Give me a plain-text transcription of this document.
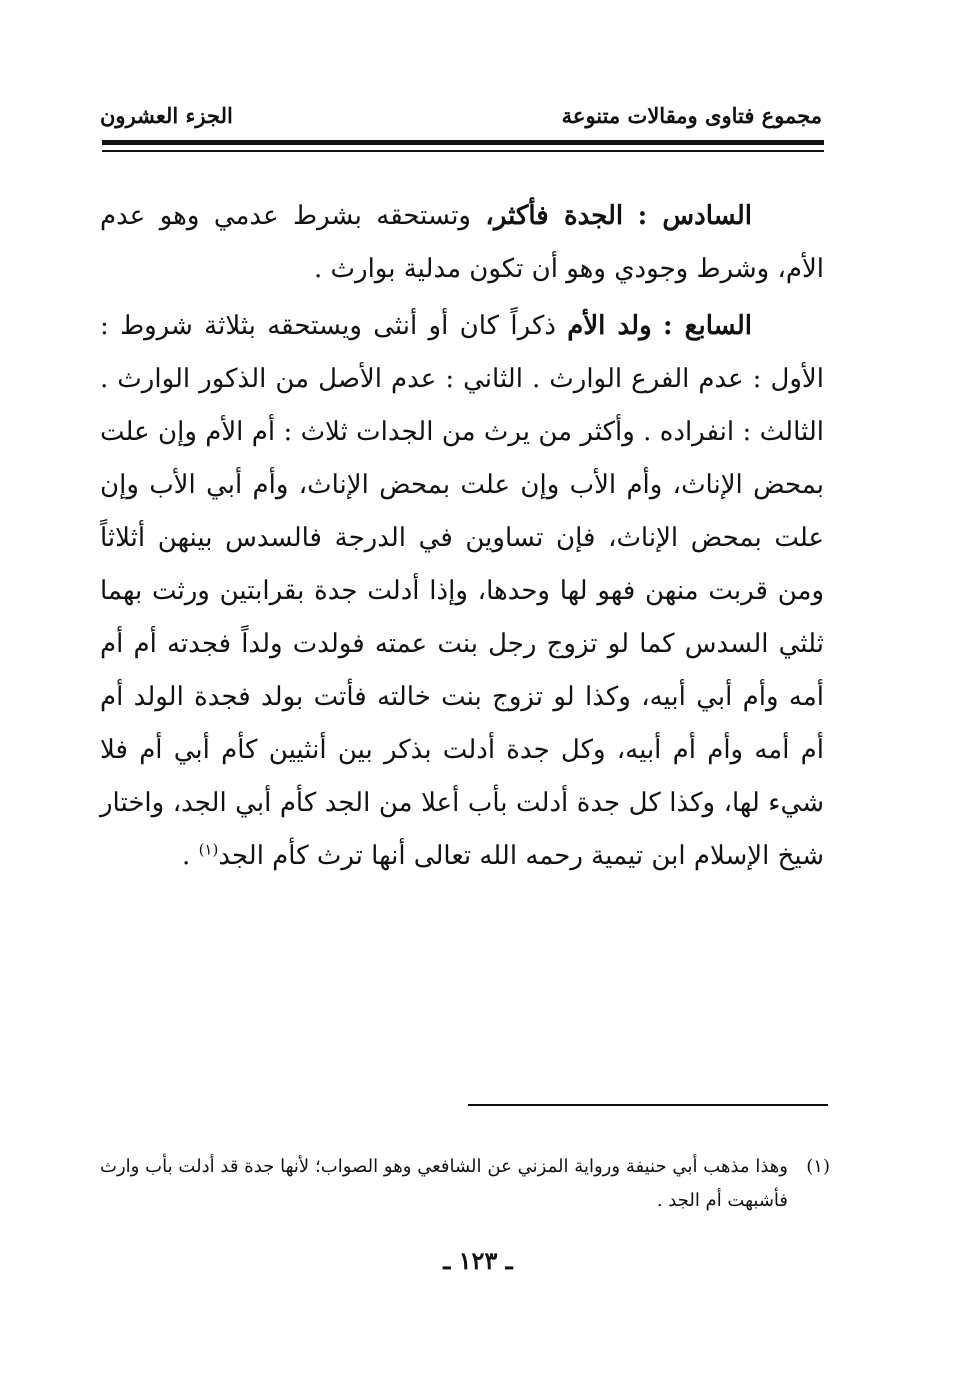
مجموع فتاوى ومقالات متنوعة
الجزء العشرون

السادس : الجدة فأكثر، وتستحقه بشرط عدمي وهو عدم الأم، وشرط وجودي وهو أن تكون مدلية بوارث .

السابع : ولد الأم ذكراً كان أو أنثى ويستحقه بثلاثة شروط : الأول : عدم الفرع الوارث . الثاني : عدم الأصل من الذكور الوارث . الثالث : انفراده . وأكثر من يرث من الجدات ثلاث : أم الأم وإن علت بمحض الإناث، وأم الأب وإن علت بمحض الإناث، وأم أبي الأب وإن علت بمحض الإناث، فإن تساوين في الدرجة فالسدس بينهن أثلاثاً ومن قربت منهن فهو لها وحدها، وإذا أدلت جدة بقرابتين ورثت بهما ثلثي السدس كما لو تزوج رجل بنت عمته فولدت ولداً فجدته أم أم أمه وأم أبي أبيه، وكذا لو تزوج بنت خالته فأتت بولد فجدة الولد أم أم أمه وأم أم أبيه، وكل جدة أدلت بذكر بين أنثيين كأم أبي أم فلا شيء لها، وكذا كل جدة أدلت بأب أعلا من الجد كأم أبي الجد، واختار شيخ الإسلام ابن تيمية رحمه الله تعالى أنها ترث كأم الجد$^{(١)}$ .

(١)
وهذا مذهب أبي حنيفة ورواية المزني عن الشافعي وهو الصواب؛ لأنها جدة قد أدلت بأب وارث فأشبهت أم الجد .
ـ ١٢٣ ـ
